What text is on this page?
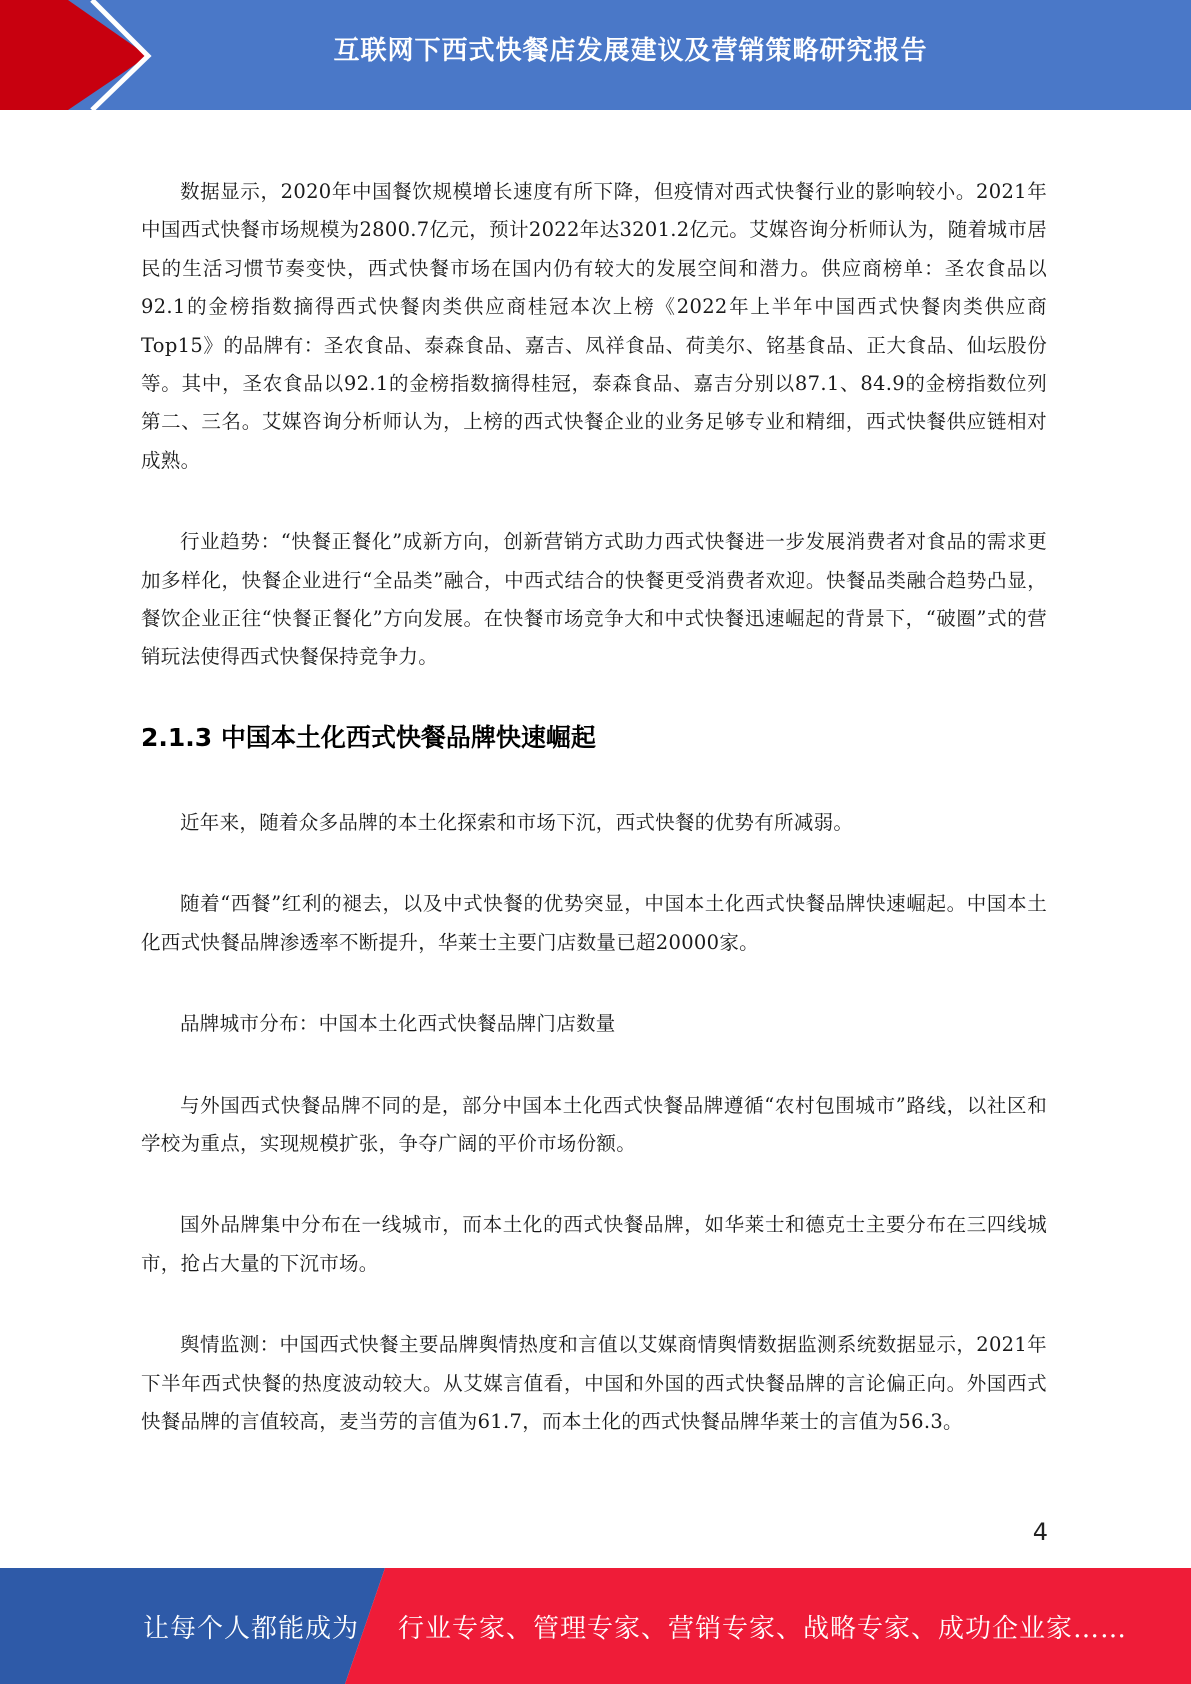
互联网下西式快餐店发展建议及营销策略研究报告

数据显示，2020年中国餐饮规模增长速度有所下降，但疫情对西式快餐行业的影响较小。2021年中国西式快餐市场规模为2800.7亿元，预计2022年达3201.2亿元。艾媒咨询分析师认为，随着城市居民的生活习惯节奏变快，西式快餐市场在国内仍有较大的发展空间和潜力。供应商榜单：圣农食品以92.1的金榜指数摘得西式快餐肉类供应商桂冠本次上榜《2022年上半年中国西式快餐肉类供应商Top15》的品牌有：圣农食品、泰森食品、嘉吉、凤祥食品、荷美尔、铭基食品、正大食品、仙坛股份等。其中，圣农食品以92.1的金榜指数摘得桂冠，泰森食品、嘉吉分别以87.1、84.9的金榜指数位列第二、三名。艾媒咨询分析师认为，上榜的西式快餐企业的业务足够专业和精细，西式快餐供应链相对成熟。

行业趋势：“快餐正餐化”成新方向，创新营销方式助力西式快餐进一步发展消费者对食品的需求更加多样化，快餐企业进行“全品类”融合，中西式结合的快餐更受消费者欢迎。快餐品类融合趋势凸显，餐饮企业正往“快餐正餐化”方向发展。在快餐市场竞争大和中式快餐迅速崛起的背景下，“破圈”式的营销玩法使得西式快餐保持竞争力。

2.1.3 中国本土化西式快餐品牌快速崛起

近年来，随着众多品牌的本土化探索和市场下沉，西式快餐的优势有所减弱。

随着“西餐”红利的褪去，以及中式快餐的优势突显，中国本土化西式快餐品牌快速崛起。中国本土化西式快餐品牌渗透率不断提升，华莱士主要门店数量已超20000家。

品牌城市分布：中国本土化西式快餐品牌门店数量

与外国西式快餐品牌不同的是，部分中国本土化西式快餐品牌遵循“农村包围城市”路线，以社区和学校为重点，实现规模扩张，争夺广阔的平价市场份额。

国外品牌集中分布在一线城市，而本土化的西式快餐品牌，如华莱士和德克士主要分布在三四线城市，抢占大量的下沉市场。

舆情监测：中国西式快餐主要品牌舆情热度和言值以艾媒商情舆情数据监测系统数据显示，2021年下半年西式快餐的热度波动较大。从艾媒言值看，中国和外国的西式快餐品牌的言论偏正向。外国西式快餐品牌的言值较高，麦当劳的言值为61.7，而本土化的西式快餐品牌华莱士的言值为56.3。

4
让每个人都能成为 行业专家、管理专家、营销专家、战略专家、成功企业家……
